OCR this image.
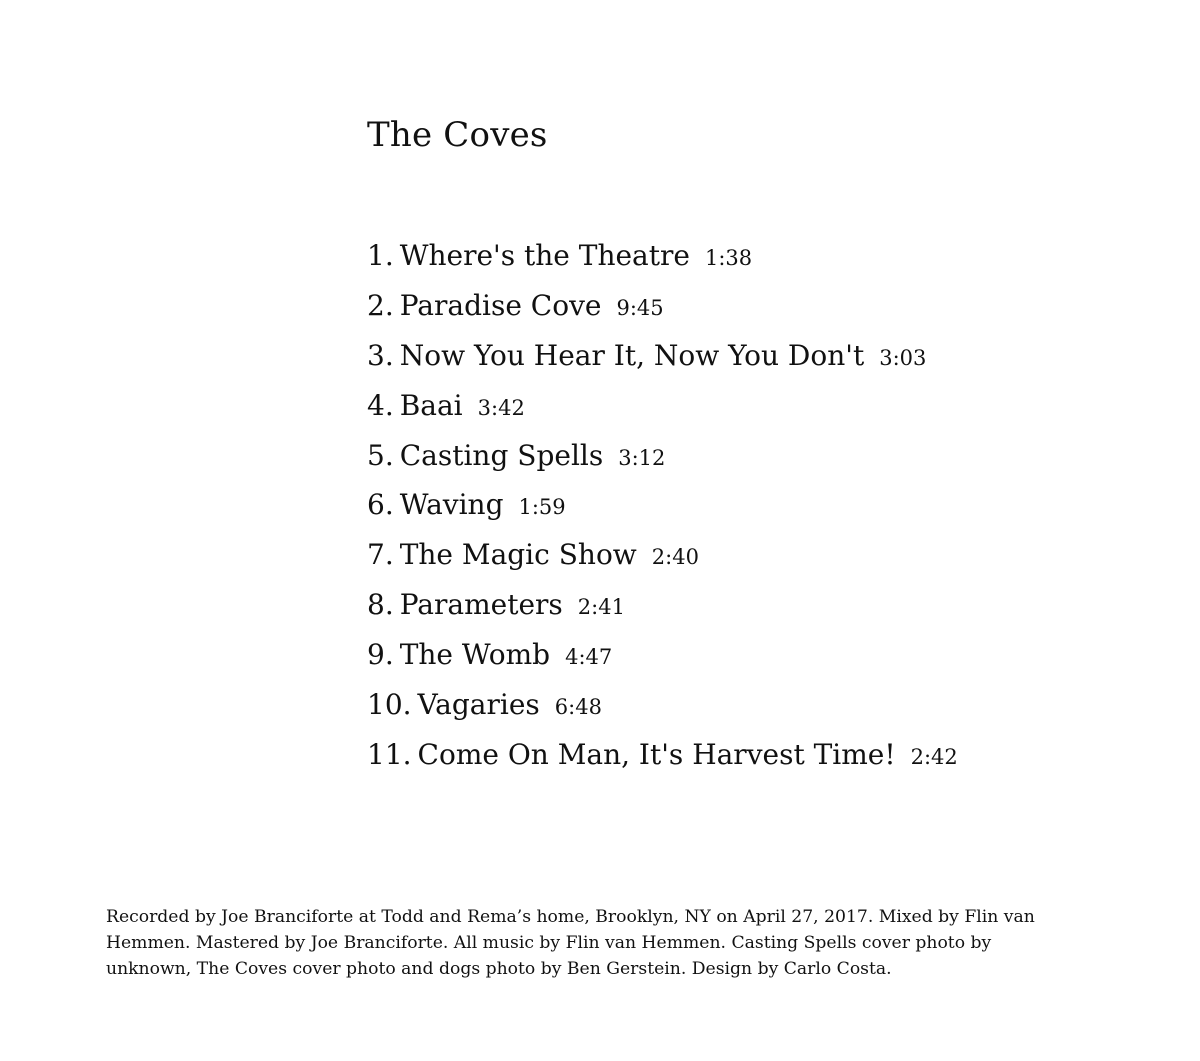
The Coves
1. Where's the Theatre 1:38
2. Paradise Cove 9:45
3. Now You Hear It, Now You Don't 3:03
4. Baai 3:42
5. Casting Spells 3:12
6. Waving 1:59
7. The Magic Show 2:40
8. Parameters 2:41
9. The Womb 4:47
10. Vagaries 6:48
11. Come On Man, It's Harvest Time! 2:42

Recorded by Joe Branciforte at Todd and Rema’s home, Brooklyn, NY on April 27, 2017. Mixed by Flin van Hemmen. Mastered by Joe Branciforte. All music by Flin van Hemmen. Casting Spells cover photo by unknown, The Coves cover photo and dogs photo by Ben Gerstein. Design by Carlo Costa.
